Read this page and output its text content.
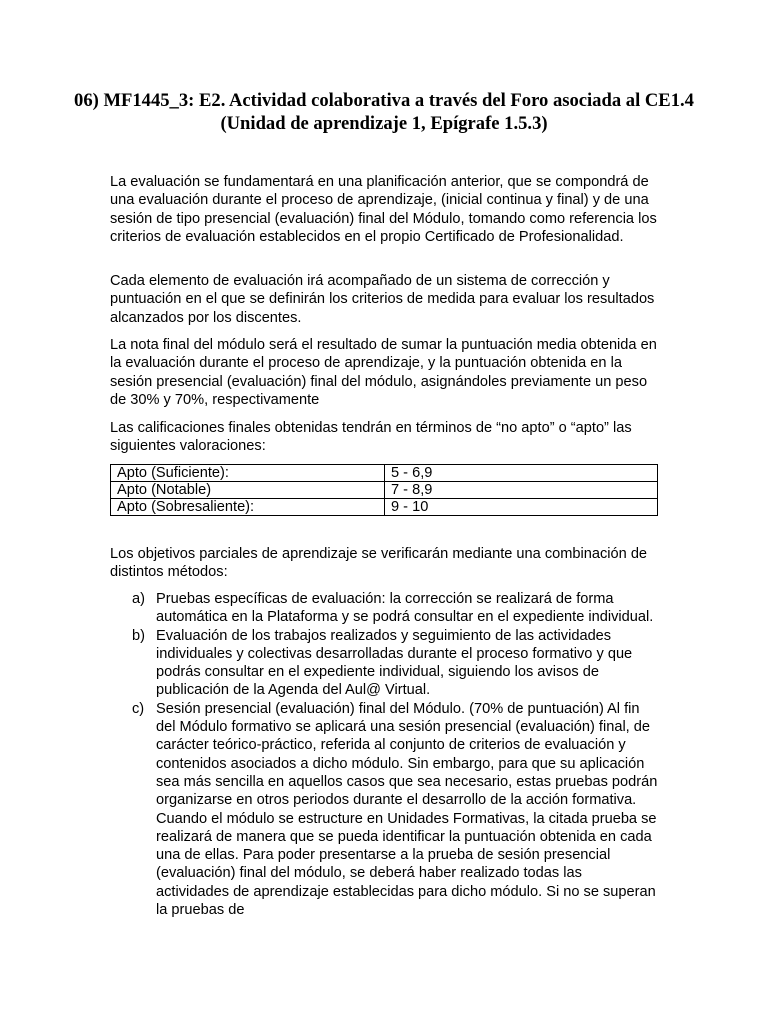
06) MF1445_3: E2. Actividad colaborativa a través del Foro asociada al CE1.4 (Unidad de aprendizaje 1, Epígrafe 1.5.3)

La evaluación se fundamentará en una planificación anterior, que se compondrá de una evaluación durante el proceso de aprendizaje, (inicial continua y final) y de una sesión de tipo presencial (evaluación) final del Módulo, tomando como referencia los criterios de evaluación establecidos en el propio Certificado de Profesionalidad.

Cada elemento de evaluación irá acompañado de un sistema de corrección y puntuación en el que se definirán los criterios de medida para evaluar los resultados alcanzados por los discentes.

La nota final del módulo será el resultado de sumar la puntuación media obtenida en la evaluación durante el proceso de aprendizaje, y la puntuación obtenida en la sesión presencial (evaluación) final del módulo, asignándoles previamente un peso de 30% y 70%, respectivamente

Las calificaciones finales obtenidas tendrán en términos de “no apto” o “apto” las siguientes valoraciones:

Apto (Suficiente):	5 - 6,9
Apto (Notable)	7 - 8,9
Apto (Sobresaliente):	9 - 10

Los objetivos parciales de aprendizaje se verificarán mediante una combinación de distintos métodos:

a) Pruebas específicas de evaluación: la corrección se realizará de forma automática en la Plataforma y se podrá consultar en el expediente individual.
b) Evaluación de los trabajos realizados y seguimiento de las actividades individuales y colectivas desarrolladas durante el proceso formativo y que podrás consultar en el expediente individual, siguiendo los avisos de publicación de la Agenda del Aul@ Virtual.
c) Sesión presencial (evaluación) final del Módulo. (70% de puntuación) Al fin del Módulo formativo se aplicará una sesión presencial (evaluación) final, de carácter teórico-práctico, referida al conjunto de criterios de evaluación y contenidos asociados a dicho módulo. Sin embargo, para que su aplicación sea más sencilla en aquellos casos que sea necesario, estas pruebas podrán organizarse en otros periodos durante el desarrollo de la acción formativa. Cuando el módulo se estructure en Unidades Formativas, la citada prueba se realizará de manera que se pueda identificar la puntuación obtenida en cada una de ellas. Para poder presentarse a la prueba de sesión presencial (evaluación) final del módulo, se deberá haber realizado todas las actividades de aprendizaje establecidas para dicho módulo. Si no se superan la pruebas de
